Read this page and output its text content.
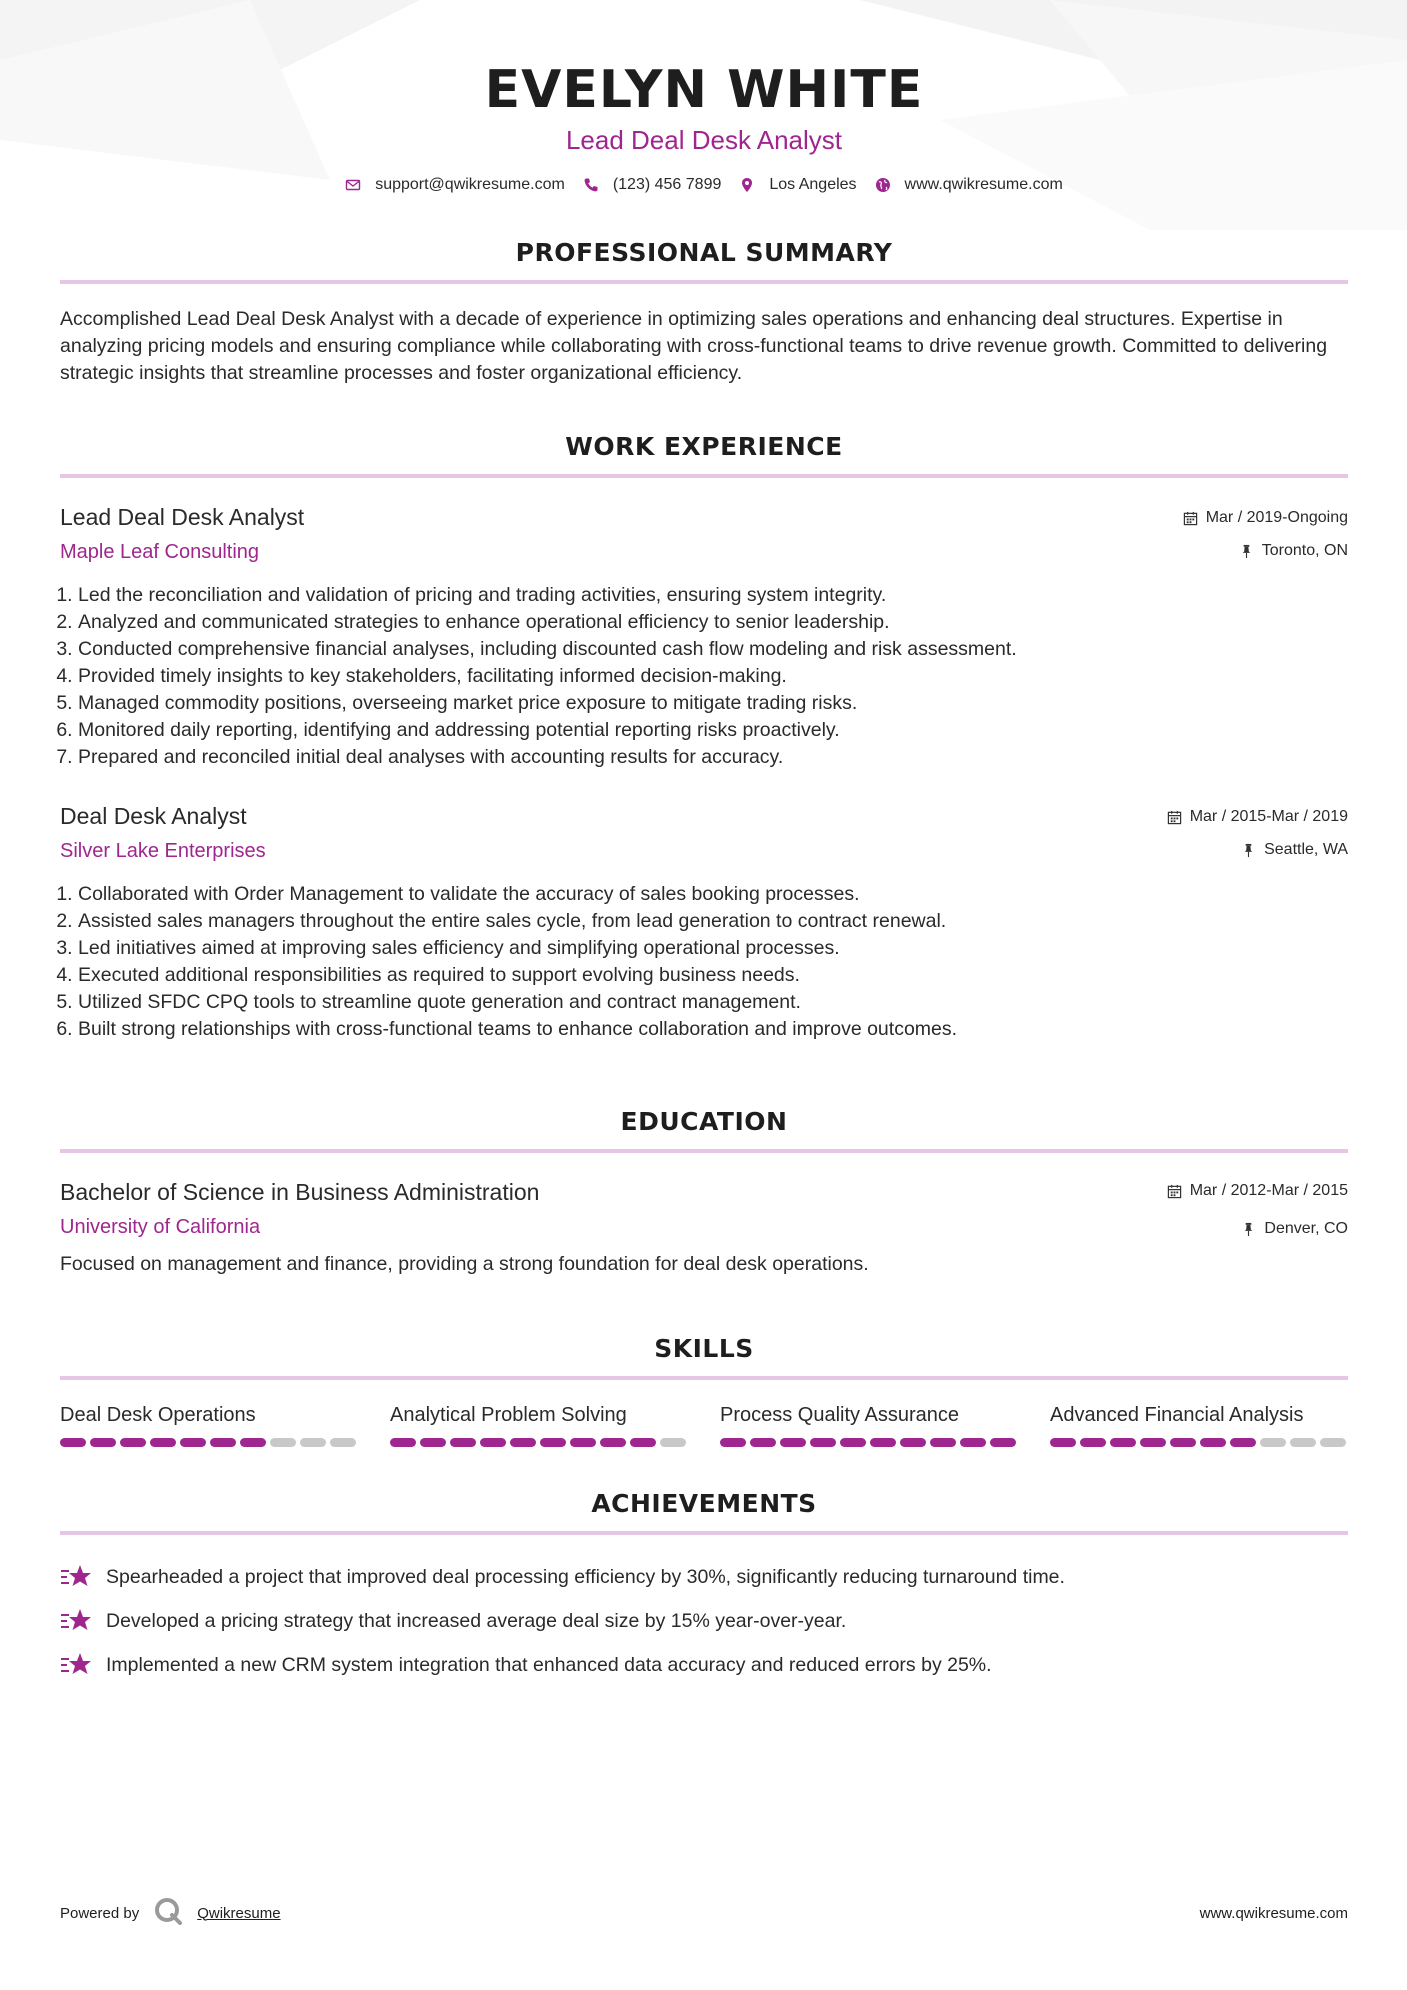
EVELYN WHITE
Lead Deal Desk Analyst
support@qwikresume.com	(123) 456 7899	Los Angeles	www.qwikresume.com
PROFESSIONAL SUMMARY
Accomplished Lead Deal Desk Analyst with a decade of experience in optimizing sales operations and enhancing deal structures. Expertise in analyzing pricing models and ensuring compliance while collaborating with cross-functional teams to drive revenue growth. Committed to delivering strategic insights that streamline processes and foster organizational efficiency.
WORK EXPERIENCE
Lead Deal Desk Analyst
Maple Leaf Consulting
Mar / 2019-Ongoing
Toronto, ON
1. Led the reconciliation and validation of pricing and trading activities, ensuring system integrity.
2. Analyzed and communicated strategies to enhance operational efficiency to senior leadership.
3. Conducted comprehensive financial analyses, including discounted cash flow modeling and risk assessment.
4. Provided timely insights to key stakeholders, facilitating informed decision-making.
5. Managed commodity positions, overseeing market price exposure to mitigate trading risks.
6. Monitored daily reporting, identifying and addressing potential reporting risks proactively.
7. Prepared and reconciled initial deal analyses with accounting results for accuracy.
Deal Desk Analyst
Silver Lake Enterprises
Mar / 2015-Mar / 2019
Seattle, WA
1. Collaborated with Order Management to validate the accuracy of sales booking processes.
2. Assisted sales managers throughout the entire sales cycle, from lead generation to contract renewal.
3. Led initiatives aimed at improving sales efficiency and simplifying operational processes.
4. Executed additional responsibilities as required to support evolving business needs.
5. Utilized SFDC CPQ tools to streamline quote generation and contract management.
6. Built strong relationships with cross-functional teams to enhance collaboration and improve outcomes.
EDUCATION
Bachelor of Science in Business Administration
University of California
Mar / 2012-Mar / 2015
Denver, CO
Focused on management and finance, providing a strong foundation for deal desk operations.
SKILLS
Deal Desk Operations	Analytical Problem Solving	Process Quality Assurance	Advanced Financial Analysis
ACHIEVEMENTS
Spearheaded a project that improved deal processing efficiency by 30%, significantly reducing turnaround time.
Developed a pricing strategy that increased average deal size by 15% year-over-year.
Implemented a new CRM system integration that enhanced data accuracy and reduced errors by 25%.
Powered by	Qwikresume	www.qwikresume.com
